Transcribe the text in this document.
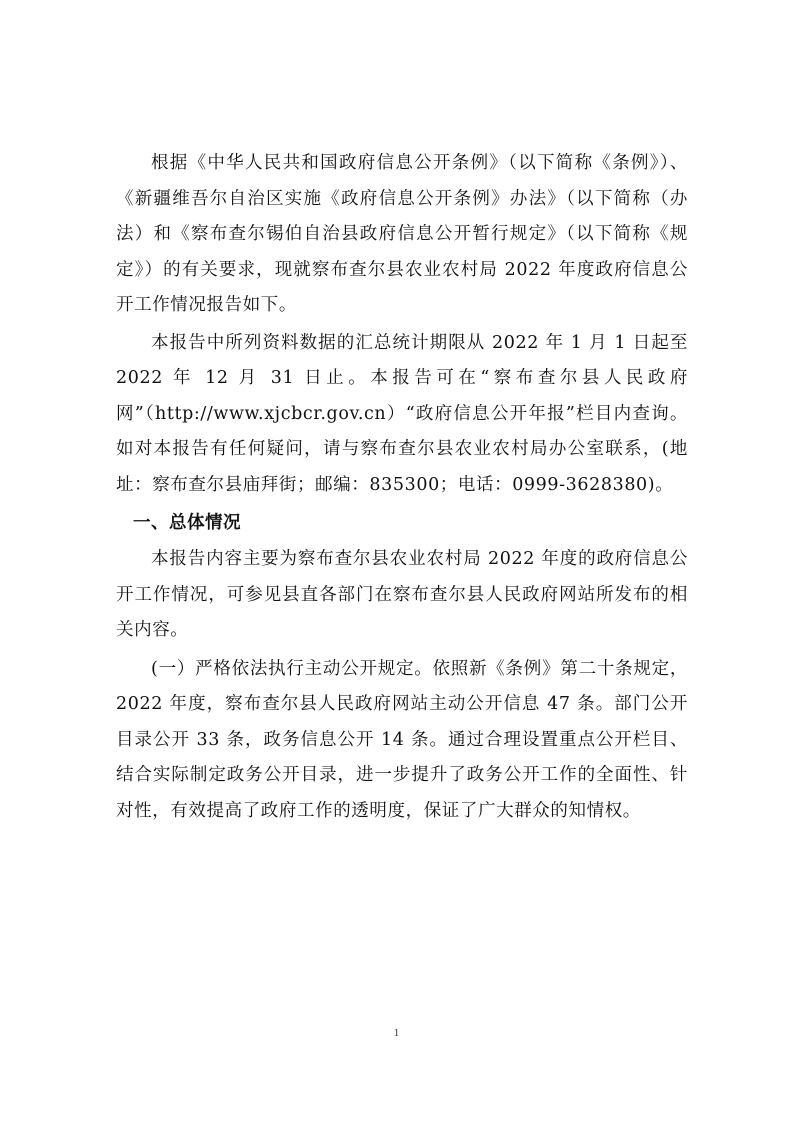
根据《中华人民共和国政府信息公开条例》（以下简称《条例》）、《新疆维吾尔自治区实施《政府信息公开条例》办法》（以下简称（办法）和《察布查尔锡伯自治县政府信息公开暂行规定》（以下简称《规定》）的有关要求，现就察布查尔县农业农村局 2022 年度政府信息公开工作情况报告如下。

本报告中所列资料数据的汇总统计期限从 2022 年 1 月 1 日起至 2022 年 12 月 31 日止。本报告可在“察布查尔县人民政府网”（http://www.xjcbcr.gov.cn）“政府信息公开年报”栏目内查询。如对本报告有任何疑问，请与察布查尔县农业农村局办公室联系，(地址：察布查尔县庙拜街；邮编：835300；电话：0999-3628380)。

一、总体情况

本报告内容主要为察布查尔县农业农村局 2022 年度的政府信息公开工作情况，可参见县直各部门在察布查尔县人民政府网站所发布的相关内容。

(一）严格依法执行主动公开规定。依照新《条例》第二十条规定，2022 年度，察布查尔县人民政府网站主动公开信息 47 条。部门公开目录公开 33 条，政务信息公开 14 条。通过合理设置重点公开栏目、结合实际制定政务公开目录，进一步提升了政务公开工作的全面性、针对性，有效提高了政府工作的透明度，保证了广大群众的知情权。

1
